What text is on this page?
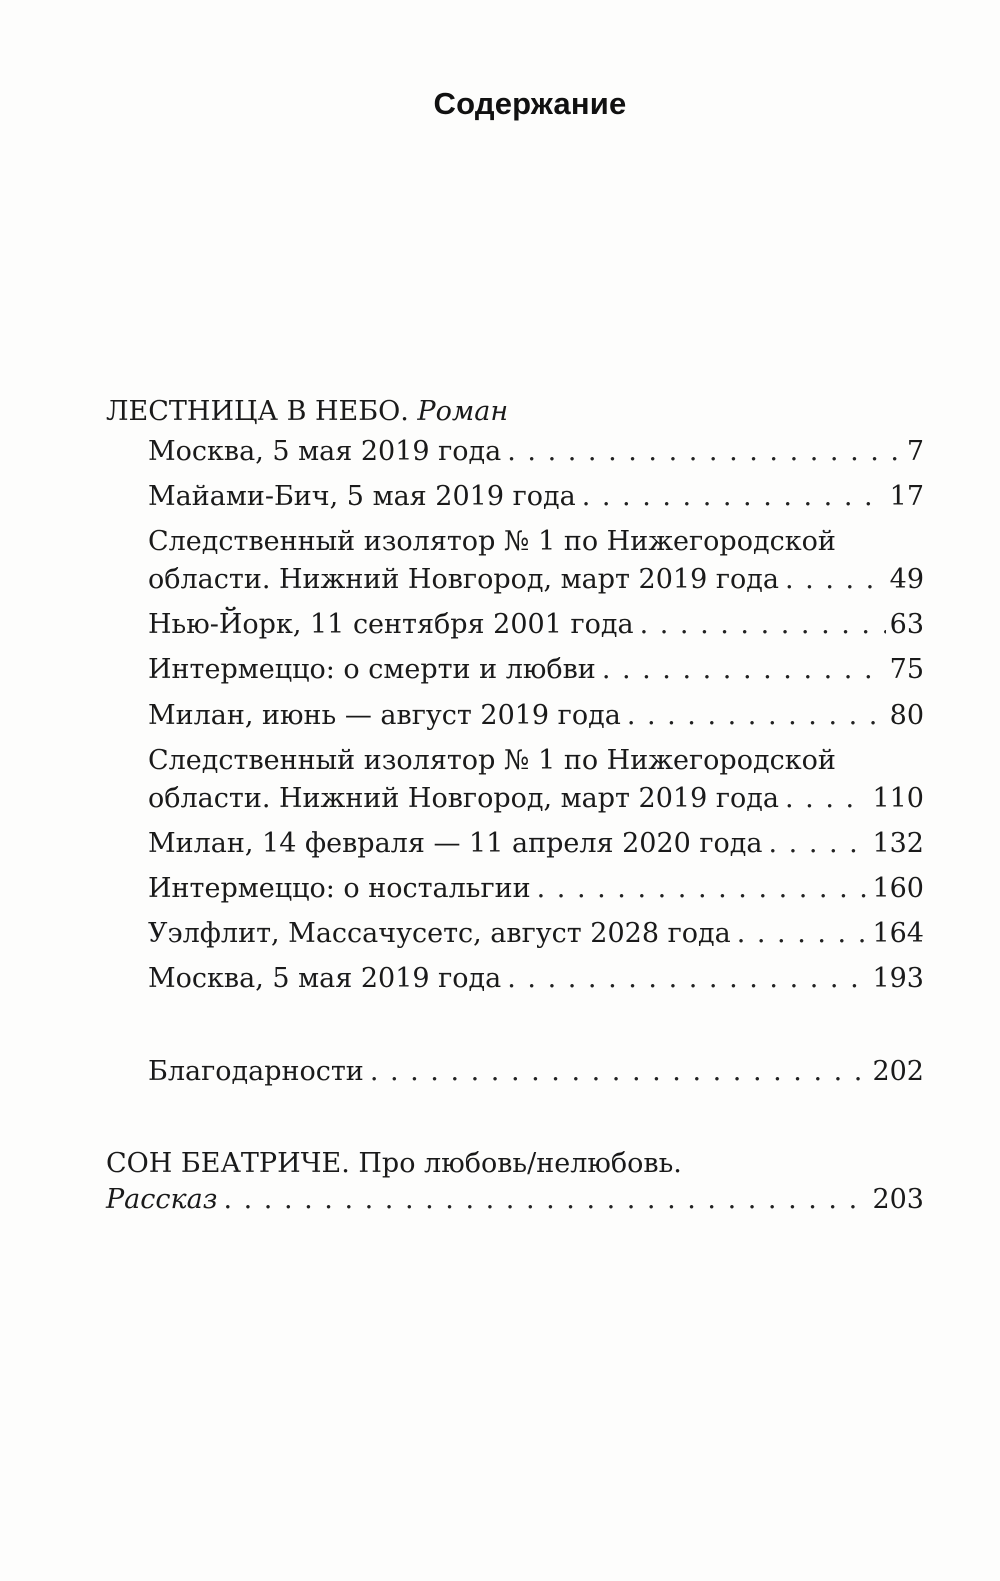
Содержание
ЛЕСТНИЦА В НЕБО. Роман
Москва, 5 мая 2019 года . . .	7
Майами-Бич, 5 мая 2019 года . . .	17
Следственный изолятор № 1 по Нижегородской
области. Нижний Новгород, март 2019 года . . .	49
Нью-Йорк, 11 сентября 2001 года . . .	63
Интермеццо: о смерти и любви . . .	75
Милан, июнь — август 2019 года . . .	80
Следственный изолятор № 1 по Нижегородской
области. Нижний Новгород, март 2019 года . . .	110
Милан, 14 февраля — 11 апреля 2020 года . . .	132
Интермеццо: о ностальгии . . .	160
Уэлфлит, Массачусетс, август 2028 года . . .	164
Москва, 5 мая 2019 года . . .	193
Благодарности . . .	202
СОН БЕАТРИЧЕ. Про любовь/нелюбовь.
Рассказ . . .	203
